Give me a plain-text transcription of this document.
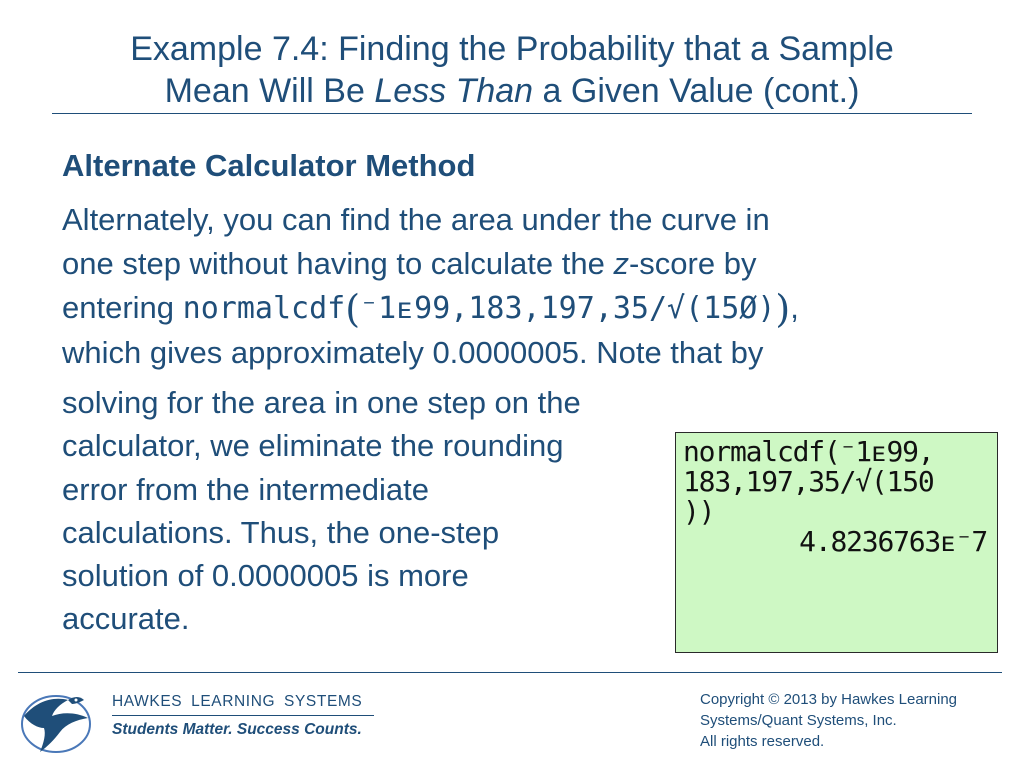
Example 7.4: Finding the Probability that a Sample
Mean Will Be Less Than a Given Value (cont.)
Alternate Calculator Method
Alternately, you can find the area under the curve in
one step without having to calculate the z-score by
entering normalcdf(⁻1ᴇ99,183,197,35/√(15Ø)),
which gives approximately 0.0000005. Note that by
solving for the area in one step on the
calculator, we eliminate the rounding
error from the intermediate
calculations. Thus, the one-step
solution of 0.0000005 is more
accurate.
normalcdf(⁻1ᴇ99,
183,197,35/√(150
))
4.8236763ᴇ⁻7
HAWKES LEARNING SYSTEMS
Students Matter. Success Counts.
Copyright © 2013 by Hawkes Learning
Systems/Quant Systems, Inc.
All rights reserved.
